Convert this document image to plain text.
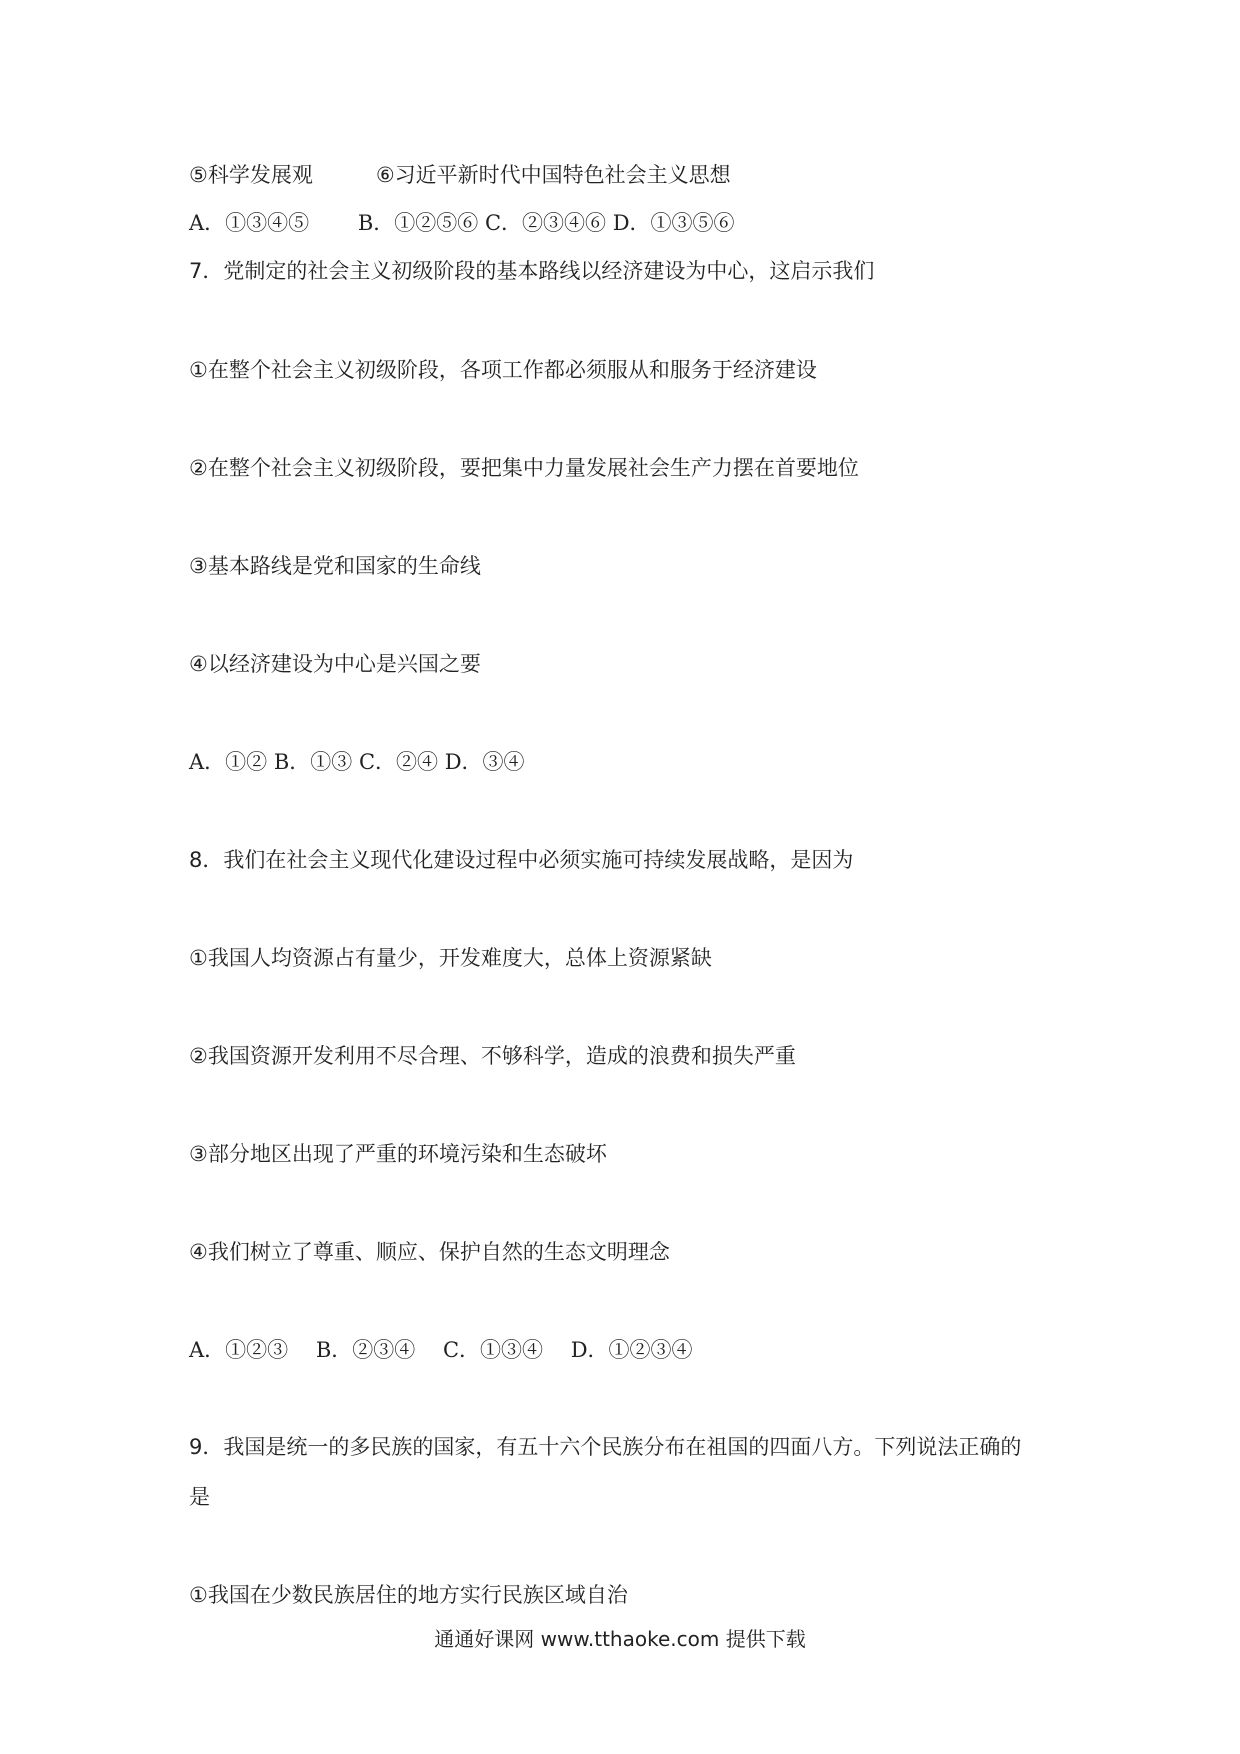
⑤科学发展观　　　⑥习近平新时代中国特色社会主义思想
A．①③④⑤　　 B．①②⑤⑥ C．②③④⑥ D．①③⑤⑥
7．党制定的社会主义初级阶段的基本路线以经济建设为中心，这启示我们
①在整个社会主义初级阶段，各项工作都必须服从和服务于经济建设
②在整个社会主义初级阶段，要把集中力量发展社会生产力摆在首要地位
③基本路线是党和国家的生命线
④以经济建设为中心是兴国之要
A．①② B．①③ C．②④ D．③④
8．我们在社会主义现代化建设过程中必须实施可持续发展战略，是因为
①我国人均资源占有量少，开发难度大，总体上资源紧缺
②我国资源开发利用不尽合理、不够科学，造成的浪费和损失严重
③部分地区出现了严重的环境污染和生态破坏
④我们树立了尊重、顺应、保护自然的生态文明理念
A．①②③　 B．②③④　 C．①③④　 D．①②③④
9．我国是统一的多民族的国家，有五十六个民族分布在祖国的四面八方。下列说法正确的
是
①我国在少数民族居住的地方实行民族区域自治
通通好课网 www.tthaoke.com 提供下载
